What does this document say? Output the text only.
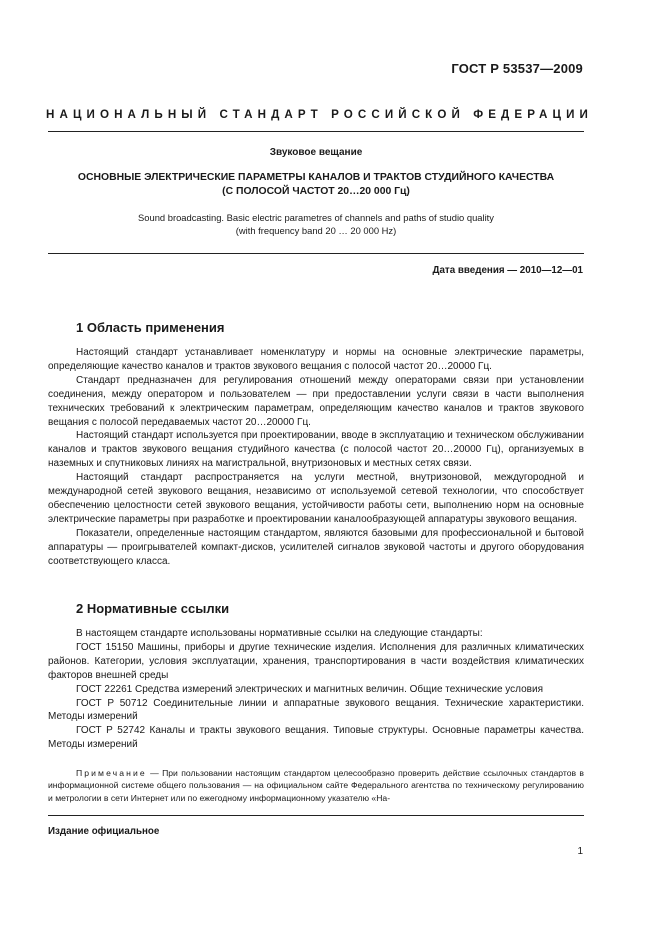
ГОСТ Р 53537—2009
НАЦИОНАЛЬНЫЙ СТАНДАРТ РОССИЙСКОЙ ФЕДЕРАЦИИ
Звуковое вещание
ОСНОВНЫЕ ЭЛЕКТРИЧЕСКИЕ ПАРАМЕТРЫ КАНАЛОВ И ТРАКТОВ СТУДИЙНОГО КАЧЕСТВА
(С ПОЛОСОЙ ЧАСТОТ 20…20 000 Гц)
Sound broadcasting. Basic electric parametres of channels and paths of studio quality
(with frequency band 20 … 20 000 Hz)
Дата введения — 2010—12—01
1 Область применения

Настоящий стандарт устанавливает номенклатуру и нормы на основные электрические параметры, определяющие качество каналов и трактов звукового вещания с полосой частот 20…20000 Гц.

Стандарт предназначен для регулирования отношений между операторами связи при установлении соединения, между оператором и пользователем — при предоставлении услуги связи в части выполнения технических требований к электрическим параметрам, определяющим качество каналов и трактов звукового вещания с полосой передаваемых частот 20…20000 Гц.

Настоящий стандарт используется при проектировании, вводе в эксплуатацию и техническом обслуживании каналов и трактов звукового вещания студийного качества (с полосой частот 20…20000 Гц), организуемых в наземных и спутниковых линиях на магистральной, внутризоновых и местных сетях связи.

Настоящий стандарт распространяется на услуги местной, внутризоновой, междугородной и международной сетей звукового вещания, независимо от используемой сетевой технологии, что способствует обеспечению целостности сетей звукового вещания, устойчивости работы сети, выполнению норм на основные электрические параметры при разработке и проектировании каналообразующей аппаратуры звукового вещания.

Показатели, определенные настоящим стандартом, являются базовыми для профессиональной и бытовой аппаратуры — проигрывателей компакт-дисков, усилителей сигналов звуковой частоты и другого оборудования соответствующего класса.

2 Нормативные ссылки

В настоящем стандарте использованы нормативные ссылки на следующие стандарты:

ГОСТ 15150 Машины, приборы и другие технические изделия. Исполнения для различных климатических районов. Категории, условия эксплуатации, хранения, транспортирования в части воздействия климатических факторов внешней среды

ГОСТ 22261 Средства измерений электрических и магнитных величин. Общие технические условия

ГОСТ Р 50712 Соединительные линии и аппаратные звукового вещания. Технические характеристики. Методы измерений

ГОСТ Р 52742 Каналы и тракты звукового вещания. Типовые структуры. Основные параметры качества. Методы измерений

Примечание — При пользовании настоящим стандартом целесообразно проверить действие ссылочных стандартов в информационной системе общего пользования — на официальном сайте Федерального агентства по техническому регулированию и метрологии в сети Интернет или по ежегодному информационному указателю «На-

Издание официальное
1
